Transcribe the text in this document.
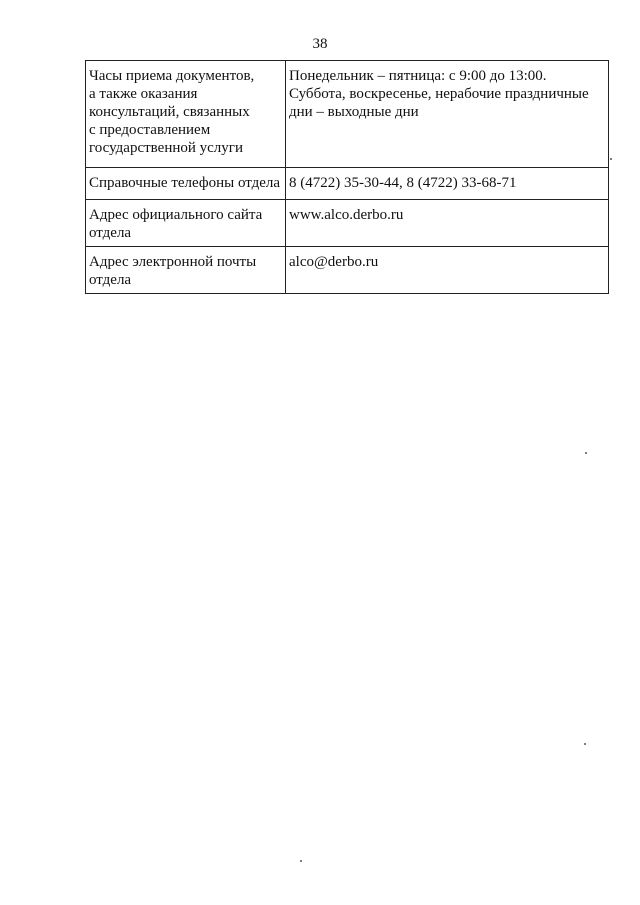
38
Часы приема документов,
а также оказания
консультаций, связанных
с предоставлением
государственной услуги	Понедельник – пятница: с 9:00 до 13:00.
Суббота, воскресенье, нерабочие праздничные
дни – выходные дни

Справочные телефоны отдела	8 (4722) 35-30-44, 8 (4722) 33-68-71

Адрес официального сайта
отдела	www.alco.derbo.ru

Адрес электронной почты
отдела	alco@derbo.ru
